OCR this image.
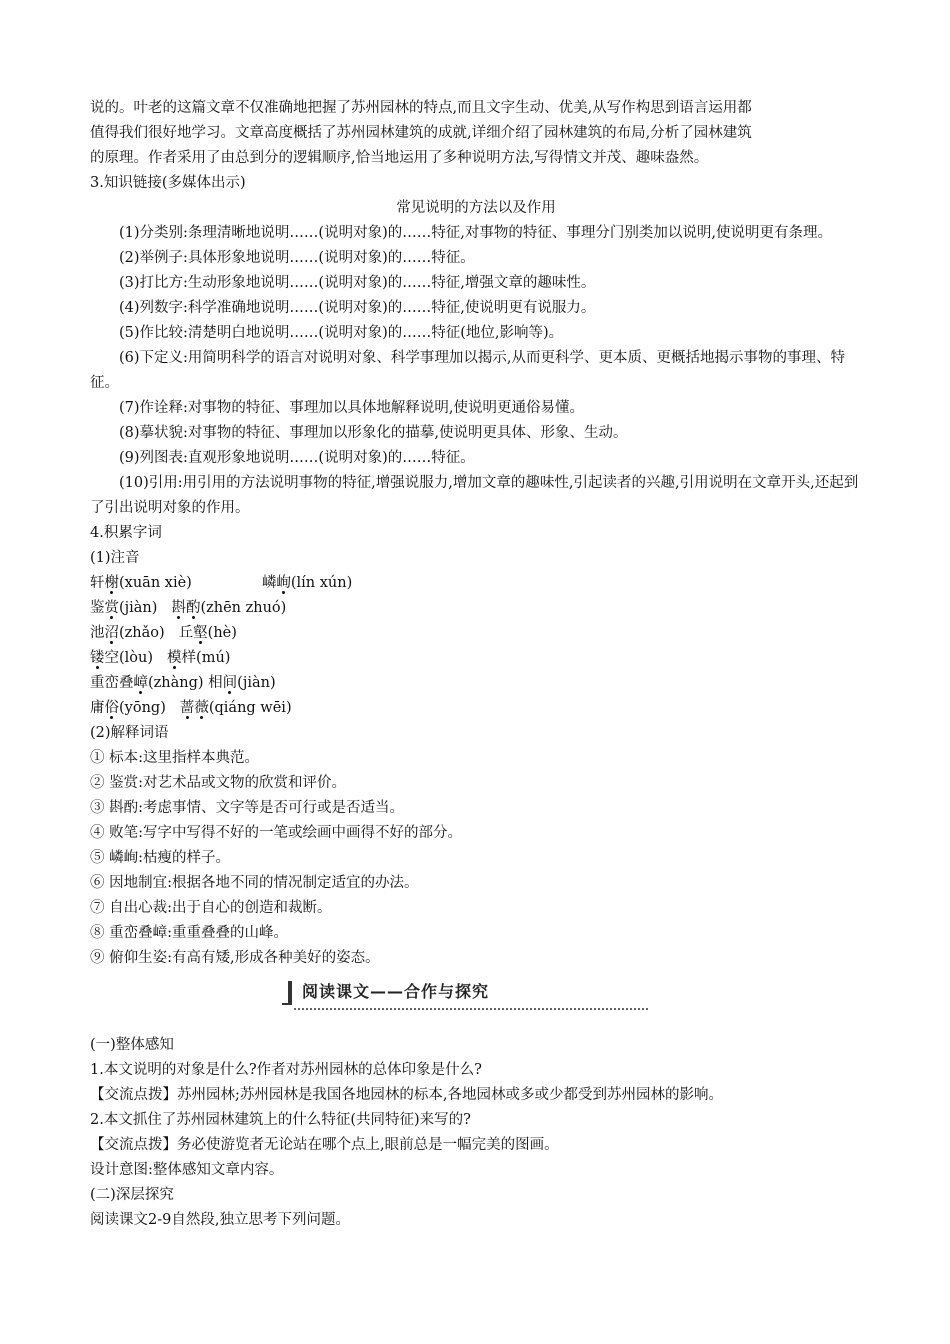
说的。叶老的这篇文章不仅准确地把握了苏州园林的特点,而且文字生动、优美,从写作构思到语言运用都

值得我们很好地学习。文章高度概括了苏州园林建筑的成就,详细介绍了园林建筑的布局,分析了园林建筑

的原理。作者采用了由总到分的逻辑顺序,恰当地运用了多种说明方法,写得情文并茂、趣味盎然。

3.知识链接(多媒体出示)

常见说明的方法以及作用

(1)分类别:条理清晰地说明……(说明对象)的……特征,对事物的特征、事理分门别类加以说明,使说明更有条理。

(2)举例子:具体形象地说明……(说明对象)的……特征。

(3)打比方:生动形象地说明……(说明对象)的……特征,增强文章的趣味性。

(4)列数字:科学准确地说明……(说明对象)的……特征,使说明更有说服力。

(5)作比较:清楚明白地说明……(说明对象)的……特征(地位,影响等)。

(6)下定义:用简明科学的语言对说明对象、科学事理加以揭示,从而更科学、更本质、更概括地揭示事物的事理、特征。

(7)作诠释:对事物的特征、事理加以具体地解释说明,使说明更通俗易懂。

(8)摹状貌:对事物的特征、事理加以形象化的描摹,使说明更具体、形象、生动。

(9)列图表:直观形象地说明……(说明对象)的……特征。

(10)引用:用引用的方法说明事物的特征,增强说服力,增加文章的趣味性,引起读者的兴趣,引用说明在文章开头,还起到了引出说明对象的作用。

4.积累字词

(1)注音

轩榭(xuān xiè)	嶙峋(lín xún)

鉴赏(jiàn) 斟酌(zhēn zhuó)

池沼(zhǎo) 丘壑(hè)

镂空(lòu) 模样(mú)

重峦叠嶂(zhàng) 相间(jiàn)

庸俗(yōng) 蔷薇(qiáng wēi)

(2)解释词语

① 标本:这里指样本典范。

② 鉴赏:对艺术品或文物的欣赏和评价。

③ 斟酌:考虑事情、文字等是否可行或是否适当。

④ 败笔:写字中写得不好的一笔或绘画中画得不好的部分。

⑤ 嶙峋:枯瘦的样子。

⑥ 因地制宜:根据各地不同的情况制定适宜的办法。

⑦ 自出心裁:出于自心的创造和裁断。

⑧ 重峦叠嶂:重重叠叠的山峰。

⑨ 俯仰生姿:有高有矮,形成各种美好的姿态。

阅读课文——合作与探究

(一)整体感知

1.本文说明的对象是什么?作者对苏州园林的总体印象是什么?

【交流点拨】苏州园林;苏州园林是我国各地园林的标本,各地园林或多或少都受到苏州园林的影响。

2.本文抓住了苏州园林建筑上的什么特征(共同特征)来写的?

【交流点拨】务必使游览者无论站在哪个点上,眼前总是一幅完美的图画。

设计意图:整体感知文章内容。

(二)深层探究

阅读课文2-9自然段,独立思考下列问题。
